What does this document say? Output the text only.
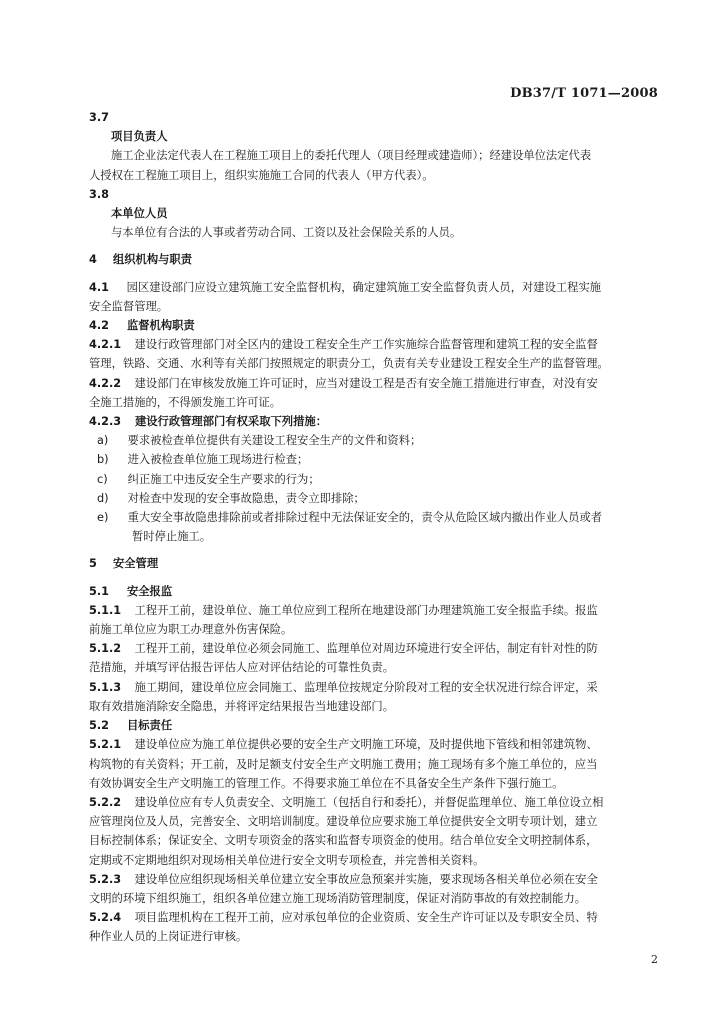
DB37/T 1071—2008
3.7
项目负责人
施工企业法定代表人在工程施工项目上的委托代理人（项目经理或建造师）；经建设单位法定代表
人授权在工程施工项目上，组织实施施工合同的代表人（甲方代表）。
3.8
本单位人员
与本单位有合法的人事或者劳动合同、工资以及社会保险关系的人员。
4 组织机构与职责
4.1 园区建设部门应设立建筑施工安全监督机构，确定建筑施工安全监督负责人员，对建设工程实施
安全监督管理。
4.2 监督机构职责
4.2.1 建设行政管理部门对全区内的建设工程安全生产工作实施综合监督管理和建筑工程的安全监督
管理，铁路、交通、水利等有关部门按照规定的职责分工，负责有关专业建设工程安全生产的监督管理。
4.2.2 建设部门在审核发放施工许可证时，应当对建设工程是否有安全施工措施进行审查，对没有安
全施工措施的，不得颁发施工许可证。
4.2.3 建设行政管理部门有权采取下列措施：
a) 要求被检查单位提供有关建设工程安全生产的文件和资料；
b) 进入被检查单位施工现场进行检查；
c) 纠正施工中违反安全生产要求的行为；
d) 对检查中发现的安全事故隐患，责令立即排除；
e) 重大安全事故隐患排除前或者排除过程中无法保证安全的，责令从危险区域内撤出作业人员或者
暂时停止施工。
5 安全管理
5.1 安全报监
5.1.1 工程开工前，建设单位、施工单位应到工程所在地建设部门办理建筑施工安全报监手续。报监
前施工单位应为职工办理意外伤害保险。
5.1.2 工程开工前，建设单位必须会同施工、监理单位对周边环境进行安全评估，制定有针对性的防
范措施，并填写评估报告评估人应对评估结论的可靠性负责。
5.1.3 施工期间，建设单位应会同施工、监理单位按规定分阶段对工程的安全状况进行综合评定，采
取有效措施消除安全隐患，并将评定结果报告当地建设部门。
5.2 目标责任
5.2.1 建设单位应为施工单位提供必要的安全生产文明施工环境，及时提供地下管线和相邻建筑物、
构筑物的有关资料；开工前，及时足额支付安全生产文明施工费用；施工现场有多个施工单位的，应当
有效协调安全生产文明施工的管理工作。不得要求施工单位在不具备安全生产条件下强行施工。
5.2.2 建设单位应有专人负责安全、文明施工（包括自行和委托），并督促监理单位、施工单位设立相
应管理岗位及人员，完善安全、文明培训制度。建设单位应要求施工单位提供安全文明专项计划，建立
目标控制体系；保证安全、文明专项资金的落实和监督专项资金的使用。结合单位安全文明控制体系，
定期或不定期地组织对现场相关单位进行安全文明专项检查，并完善相关资料。
5.2.3 建设单位应组织现场相关单位建立安全事故应急预案并实施，要求现场各相关单位必须在安全
文明的环境下组织施工，组织各单位建立施工现场消防管理制度，保证对消防事故的有效控制能力。
5.2.4 项目监理机构在工程开工前，应对承包单位的企业资质、安全生产许可证以及专职安全员、特
种作业人员的上岗证进行审核。
2
